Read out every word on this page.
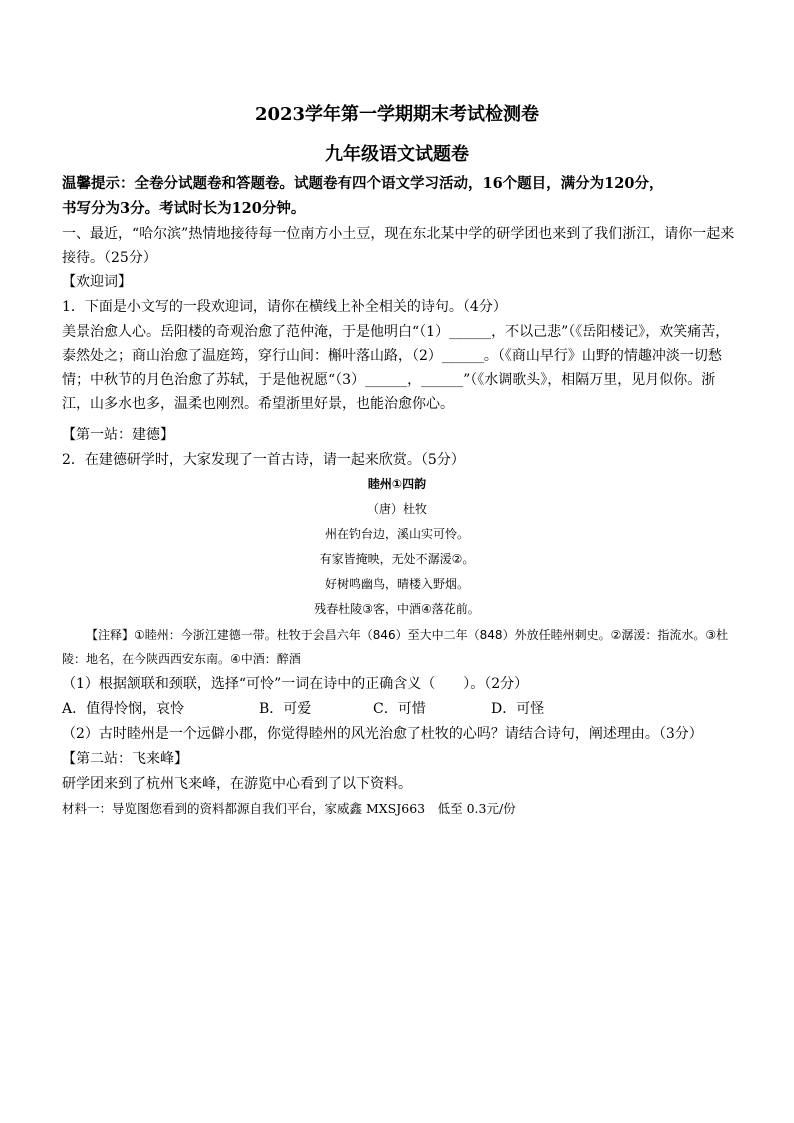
2023学年第一学期期末考试检测卷
九年级语文试题卷
温馨提示：全卷分试题卷和答题卷。试题卷有四个语文学习活动，16个题目，满分为120分，
书写分为3分。考试时长为120分钟。
一、最近，“哈尔滨”热情地接待每一位南方小土豆，现在东北某中学的研学团也来到了我们浙江，请你一起来接待。（25分）
【欢迎词】
1．下面是小文写的一段欢迎词，请你在横线上补全相关的诗句。（4分）
美景治愈人心。岳阳楼的奇观治愈了范仲淹，于是他明白“（1）______，不以己悲”（《岳阳楼记》，欢笑痛苦，泰然处之；商山治愈了温庭筠，穿行山间：槲叶落山路，（2）______。（《商山早行》山野的情趣冲淡一切愁情；中秋节的月色治愈了苏轼，于是他祝愿“（3）______，______”（《水调歌头》，相隔万里，见月似你。浙江，山多水也多，温柔也刚烈。希望浙里好景，也能治愈你心。
【第一站：建德】
2．在建德研学时，大家发现了一首古诗，请一起来欣赏。（5分）
睦州①四韵
（唐）杜牧
州在钓台边，溪山实可怜。
有家皆掩映，无处不潺湲②。
好树鸣幽鸟，晴楼入野烟。
残春杜陵③客，中酒④落花前。
【注释】①睦州：今浙江建德一带。杜牧于会昌六年（846）至大中二年（848）外放任睦州刺史。②潺湲：指流水。③杜陵：地名，在今陕西西安东南。④中酒：醉酒
（1）根据颔联和颈联，选择“可怜”一词在诗中的正确含义（　　）。（2分）
A．值得怜悯，哀怜	B．可爱	C．可惜	D．可怪
（2）古时睦州是一个远僻小郡，你觉得睦州的风光治愈了杜牧的心吗？请结合诗句，阐述理由。（3分）
【第二站：飞来峰】
研学团来到了杭州飞来峰，在游览中心看到了以下资料。
材料一：导览图您看到的资料都源自我们平台，家威鑫 MXSJ663　低至 0.3元/份
